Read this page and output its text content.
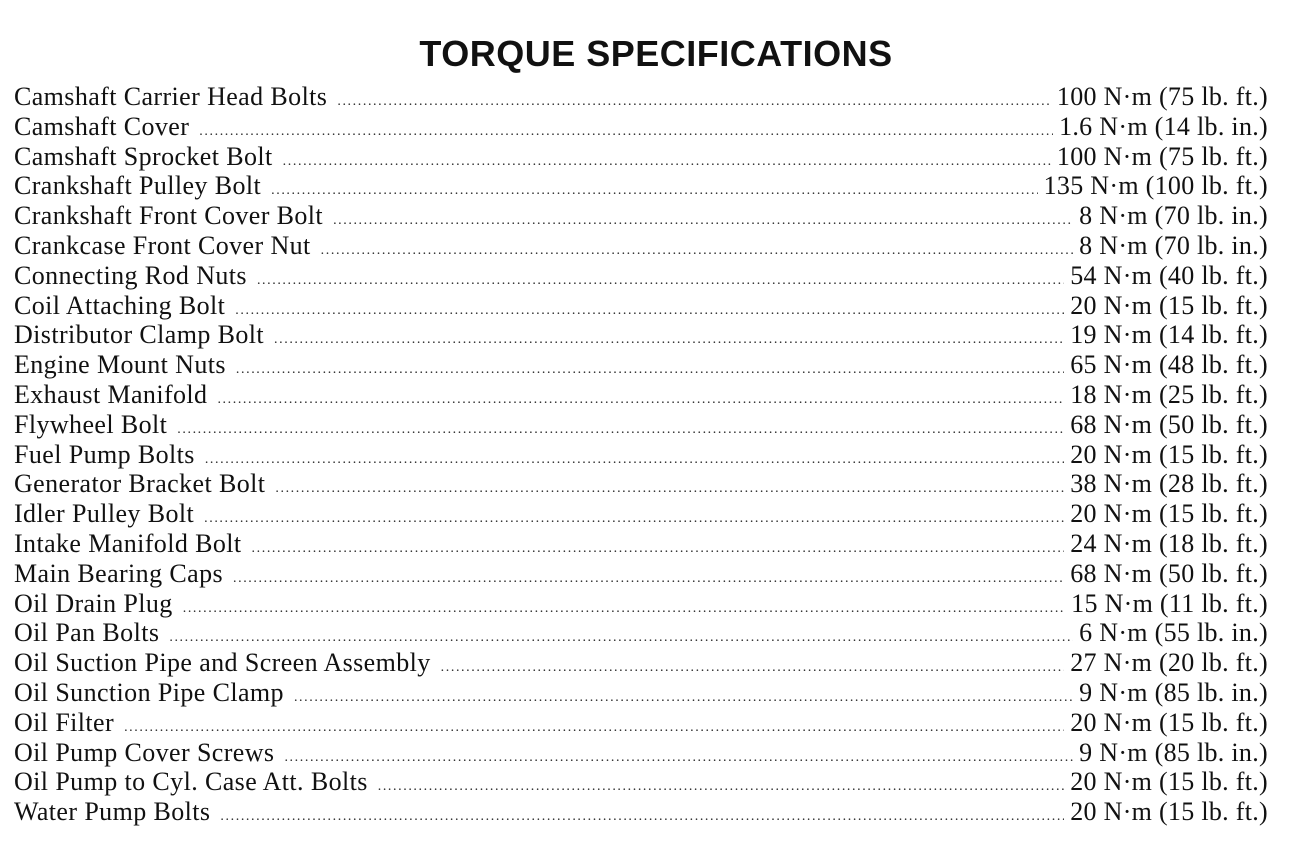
TORQUE SPECIFICATIONS
Camshaft Carrier Head Bolts .....	100 N·m (75 lb. ft.)
Camshaft Cover .....	1.6 N·m (14 lb. in.)
Camshaft Sprocket Bolt .....	100 N·m (75 lb. ft.)
Crankshaft Pulley Bolt .....	135 N·m (100 lb. ft.)
Crankshaft Front Cover Bolt .....	8 N·m (70 lb. in.)
Crankcase Front Cover Nut .....	8 N·m (70 lb. in.)
Connecting Rod Nuts .....	54 N·m (40 lb. ft.)
Coil Attaching Bolt .....	20 N·m (15 lb. ft.)
Distributor Clamp Bolt .....	19 N·m (14 lb. ft.)
Engine Mount Nuts .....	65 N·m (48 lb. ft.)
Exhaust Manifold .....	18 N·m (25 lb. ft.)
Flywheel Bolt .....	68 N·m (50 lb. ft.)
Fuel Pump Bolts .....	20 N·m (15 lb. ft.)
Generator Bracket Bolt .....	38 N·m (28 lb. ft.)
Idler Pulley Bolt .....	20 N·m (15 lb. ft.)
Intake Manifold Bolt .....	24 N·m (18 lb. ft.)
Main Bearing Caps .....	68 N·m (50 lb. ft.)
Oil Drain Plug .....	15 N·m (11 lb. ft.)
Oil Pan Bolts .....	6 N·m (55 lb. in.)
Oil Suction Pipe and Screen Assembly .....	27 N·m (20 lb. ft.)
Oil Sunction Pipe Clamp .....	9 N·m (85 lb. in.)
Oil Filter .....	20 N·m (15 lb. ft.)
Oil Pump Cover Screws .....	9 N·m (85 lb. in.)
Oil Pump to Cyl. Case Att. Bolts .....	20 N·m (15 lb. ft.)
Water Pump Bolts .....	20 N·m (15 lb. ft.)
